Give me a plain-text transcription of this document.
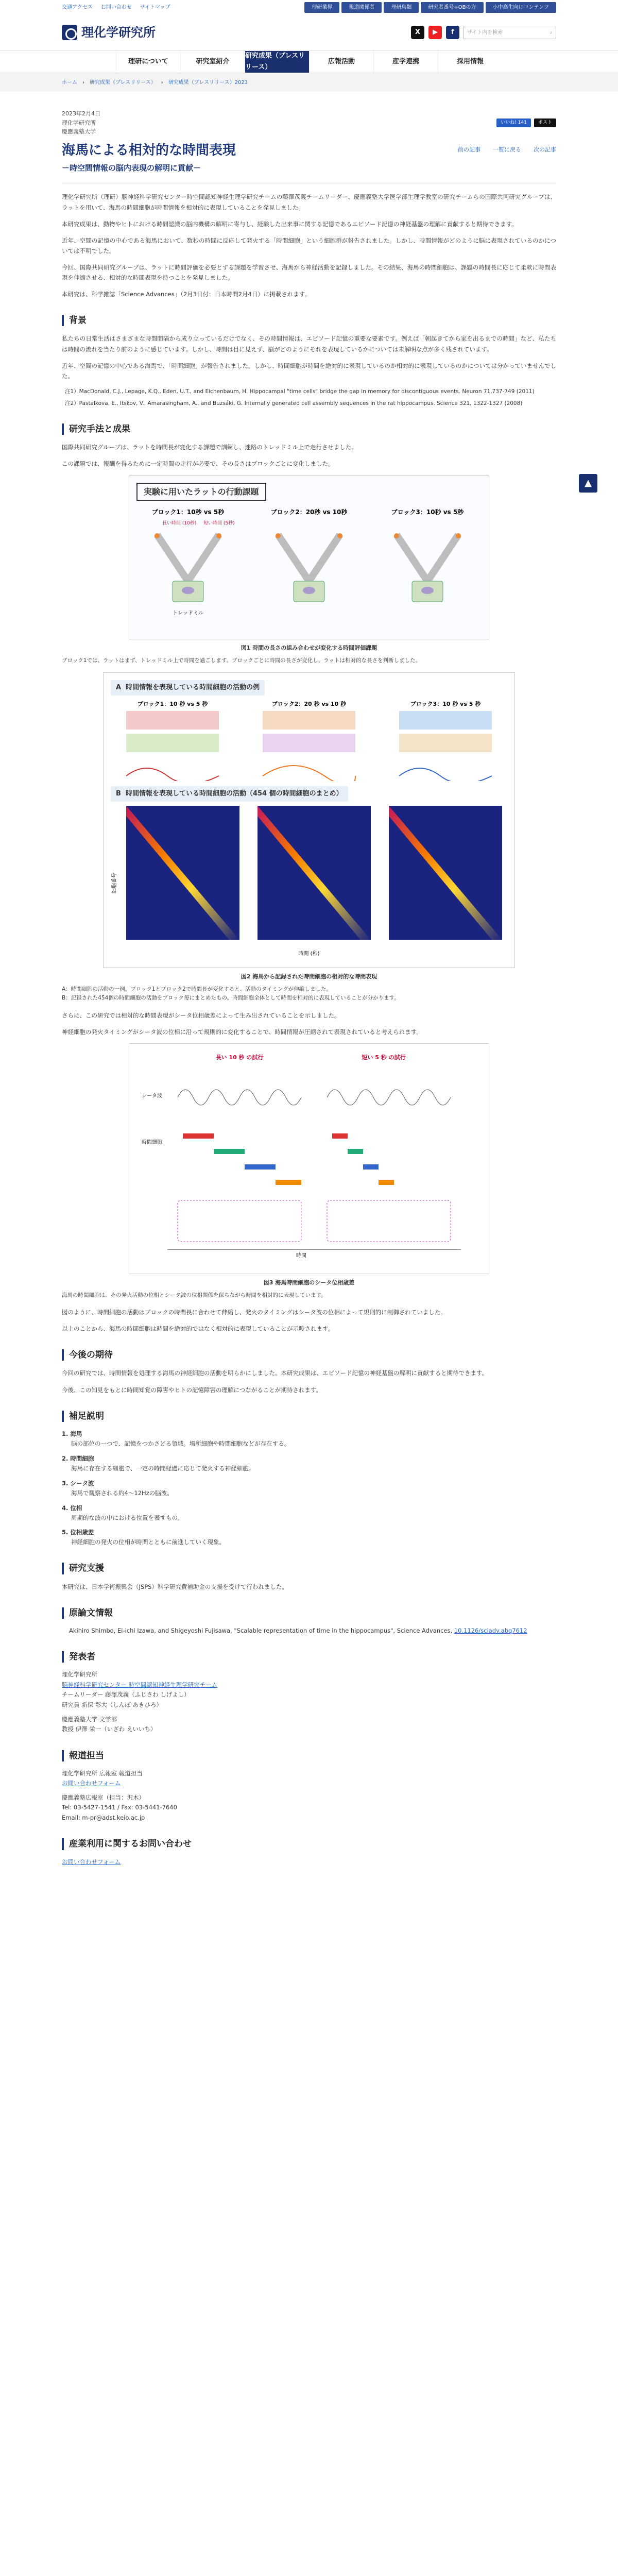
交通アクセス お問い合わせ サイトマップ	理研業界	報道関係者	理研鳥類	研究者番号+OBの方	小中高生向けコンテンツ
理化学研究所	X	▶	f	サイト内を検索	⌕
理研について	研究室紹介
研究成果（プレスリリース）
広報活動	産学連携	採用情報
ホーム › 研究成果（プレスリリース） › 研究成果（プレスリリース）2023
▲
いいね! 141	ポスト
2023年2月4日
理化学研究所
慶應義塾大学
前の記事 一覧に戻る 次の記事
海馬による相対的な時間表現
－時空間情報の脳内表現の解明に貢献－

理化学研究所（理研）脳神経科学研究センター時空間認知神経生理学研究チームの藤澤茂義チームリーダー、慶應義塾大学医学部生理学教室の研究チームらの国際共同研究グループは、ラットを用いて、海馬の時間細胞が時間情報を相対的に表現していることを発見しました。

本研究成果は、動物やヒトにおける時間認識の脳内機構の解明に寄与し、経験した出来事に関する記憶であるエピソード記憶の神経基盤の理解に貢献すると期待できます。

近年、空間の記憶の中心である海馬において、数秒の時間に反応して発火する「時間細胞」という細胞群が報告されました。しかし、時間情報がどのように脳に表現されているのかについては不明でした。

今回、国際共同研究グループは、ラットに時間評価を必要とする課題を学習させ、海馬から神経活動を記録しました。その結果、海馬の時間細胞は、課題の時間長に応じて柔軟に時間表現を伸縮させる、相対的な時間表現を持つことを発見しました。

本研究は、科学雑誌「Science Advances」（2月3日付：日本時間2月4日）に掲載されます。

背景

私たちの日常生活はさまざまな時間間隔から成り立っているだけでなく、その時間情報は、エピソード記憶の重要な要素です。例えば「朝起きてから家を出るまでの時間」など、私たちは時間の流れを当たり前のように感じています。しかし、時間は目に見えず、脳がどのようにそれを表現しているかについては未解明な点が多く残されています。

近年、空間の記憶の中心である海馬で、「時間細胞」が報告されました。しかし、時間細胞が時間を絶対的に表現しているのか相対的に表現しているのかについては分かっていませんでした。

注1）MacDonald, C.J., Lepage, K.Q., Eden, U.T., and Eichenbaum, H. Hippocampal "time cells" bridge the gap in memory for discontiguous events. Neuron 71,737-749 (2011)
注2）Pastalkova, E., Itskov, V., Amarasingham, A., and Buzsáki, G. Internally generated cell assembly sequences in the rat hippocampus. Science 321, 1322-1327 (2008)
研究手法と成果

国際共同研究グループは、ラットを時間長が変化する課題で訓練し、迷路のトレッドミル上で走行させました。

この課題では、報酬を得るために一定時間の走行が必要で、その長さはブロックごとに変化しました。

実験に用いたラットの行動課題
ブロック1：10秒 vs 5秒	ブロック2：20秒 vs 10秒	ブロック3：10秒 vs 5秒
長い時間 (10秒) 短い時間 (5秒)
トレッドミル
図1 時間の長さの組み合わせが変化する時間評価課題
ブロック1では、ラットはまず、トレッドミル上で時間を過ごします。ブロックごとに時間の長さが変化し、ラットは相対的な長さを判断しました。
A  時間情報を表現している時間細胞の活動の例
ブロック1：10 秒 vs 5 秒	ブロック2：20 秒 vs 10 秒	ブロック3：10 秒 vs 5 秒
B  時間情報を表現している時間細胞の活動（454 個の時間細胞のまとめ）
細胞番号
時間 (秒)
図2 海馬から記録された時間細胞の相対的な時間表現
A：時間細胞の活動の一例。ブロック1とブロック2で時間長が変化すると、活動のタイミングが伸縮しました。
B：記録された454個の時間細胞の活動をブロック毎にまとめたもの。時間細胞全体として時間を相対的に表現していることが分かります。

さらに、この研究では相対的な時間表現がシータ位相歳差によって生み出されていることを示しました。

神経細胞の発火タイミングがシータ波の位相に沿って規則的に変化することで、時間情報が圧縮されて表現されていると考えられます。

長い 10 秒 の試行	短い 5 秒 の試行
シータ波
時間細胞
時間
図3 海馬時間細胞のシータ位相歳差
海馬の時間細胞は、その発火活動の位相とシータ波の位相関係を保ちながら時間を相対的に表現しています。

図のように、時間細胞の活動はブロックの時間長に合わせて伸縮し、発火のタイミングはシータ波の位相によって規則的に制御されていました。

以上のことから、海馬の時間細胞は時間を絶対的ではなく相対的に表現していることが示唆されます。

今後の期待

今回の研究では、時間情報を処理する海馬の神経細胞の活動を明らかにしました。本研究成果は、エピソード記憶の神経基盤の解明に貢献すると期待できます。

今後、この知見をもとに時間知覚の障害やヒトの記憶障害の理解につながることが期待されます。

補足説明
1. 海馬
脳の部位の一つで、記憶をつかさどる領域。場所細胞や時間細胞などが存在する。
2. 時間細胞
海馬に存在する細胞で、一定の時間経過に応じて発火する神経細胞。
3. シータ波
海馬で観察される約4〜12Hzの脳波。
4. 位相
周期的な波の中における位置を表すもの。
5. 位相歳差
神経細胞の発火の位相が時間とともに前進していく現象。
研究支援

本研究は、日本学術振興会（JSPS）科学研究費補助金の支援を受けて行われました。

原論文情報
Akihiro Shimbo, Ei-ichi Izawa, and Shigeyoshi Fujisawa, "Scalable representation of time in the hippocampus", Science Advances, 10.1126/sciadv.abq7612
発表者
理化学研究所
脳神経科学研究センター 時空間認知神経生理学研究チーム
チームリーダー 藤澤茂義（ふじさわ しげよし）
研究員 新保 彰大（しんぼ あきひろ）
慶應義塾大学 文学部
教授 伊澤 栄一（いざわ えいいち）
報道担当
理化学研究所 広報室 報道担当
お問い合わせフォーム
慶應義塾広報室（担当：沢木）
Tel: 03-5427-1541 / Fax: 03-5441-7640
Email: m-pr@adst.keio.ac.jp
産業利用に関するお問い合わせ
お問い合わせフォーム
